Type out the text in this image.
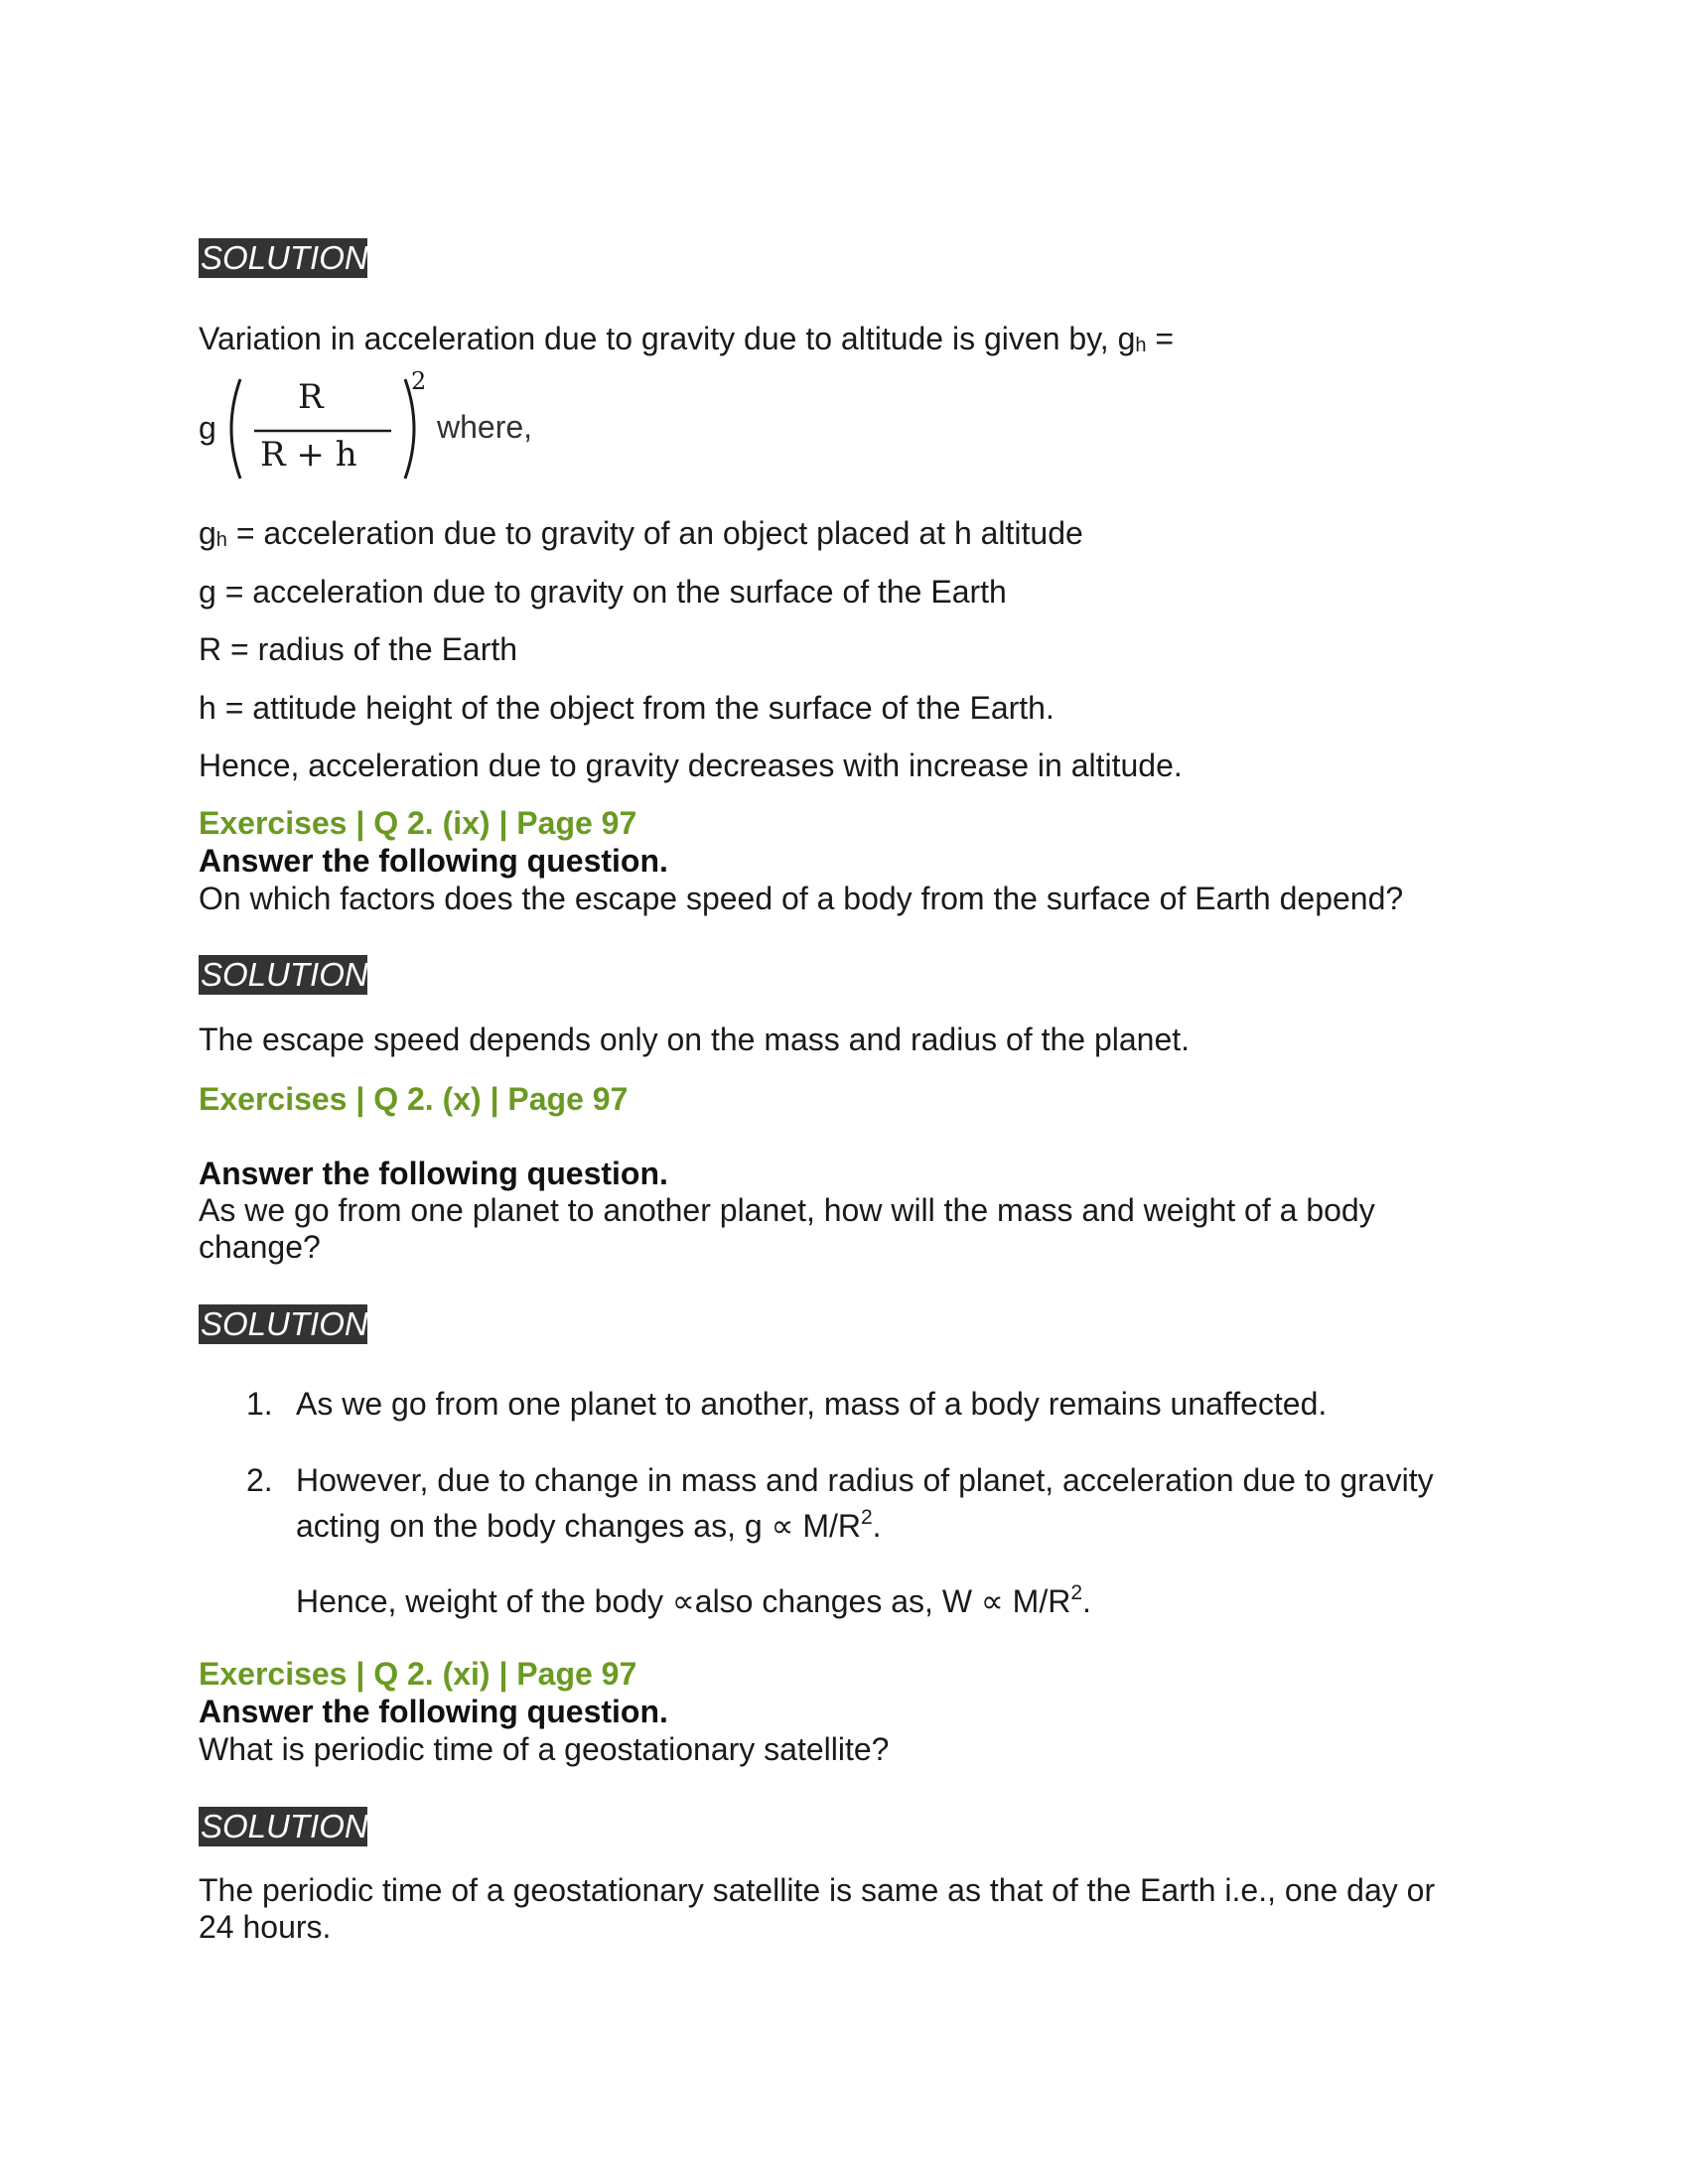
SOLUTION
Variation in acceleration due to gravity due to altitude is given by, gh =
g
R
R + h
2
where,
gh = acceleration due to gravity of an object placed at h altitude
g = acceleration due to gravity on the surface of the Earth
R = radius of the Earth
h = attitude height of the object from the surface of the Earth.
Hence, acceleration due to gravity decreases with increase in altitude.
Exercises | Q 2. (ix) | Page 97
Answer the following question.
On which factors does the escape speed of a body from the surface of Earth depend?
SOLUTION
The escape speed depends only on the mass and radius of the planet.
Exercises | Q 2. (x) | Page 97
Answer the following question.
As we go from one planet to another planet, how will the mass and weight of a body
change?
SOLUTION
1. As we go from one planet to another, mass of a body remains unaffected.
2. However, due to change in mass and radius of planet, acceleration due to gravity
acting on the body changes as, $g \propto M/R^2$.
Hence, weight of the body ∝also changes as, $W \propto M/R^2$.
Exercises | Q 2. (xi) | Page 97
Answer the following question.
What is periodic time of a geostationary satellite?
SOLUTION
The periodic time of a geostationary satellite is same as that of the Earth i.e., one day or
24 hours.
